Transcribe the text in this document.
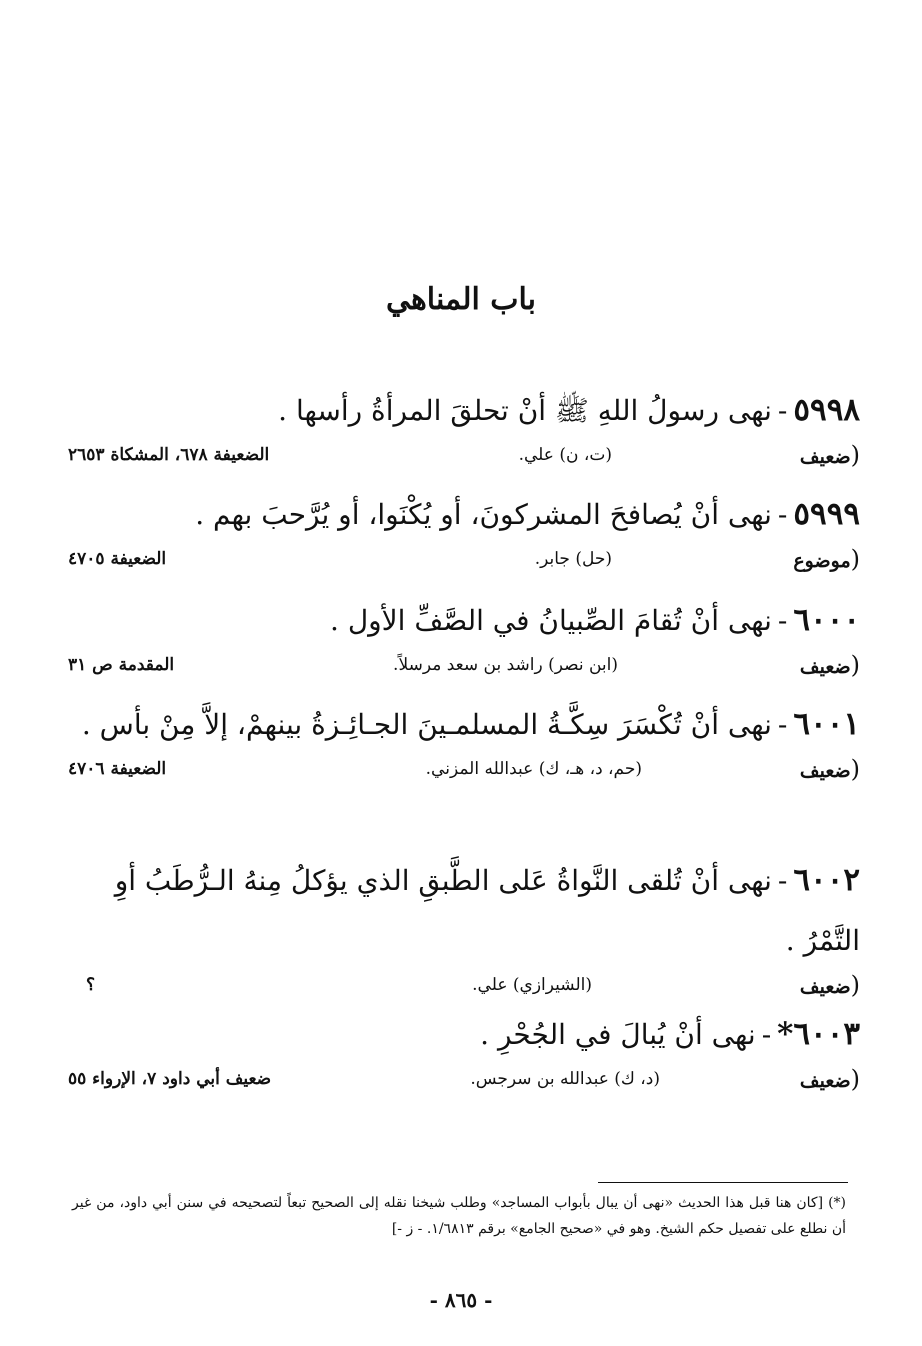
باب المناهي

٥٩٩٨-نهى رسولُ اللهِ ﷺ أنْ تحلقَ المرأةُ رأسها .

( ضعيف
(ت، ن) علي.
الضعيفة ٦٧٨، المشكاة ٢٦٥٣

٥٩٩٩-نهى أنْ يُصافحَ المشركونَ، أو يُكْنَوا، أو يُرَّحبَ بهم .

( موضوع
(حل) جابر.
الضعيفة ٤٧٠٥

٦٠٠٠-نهى أنْ تُقامَ الصِّبيانُ في الصَّفِّ الأول .

( ضعيف
(ابن نصر) راشد بن سعد مرسلاً.
المقدمة ص ٣١

٦٠٠١-نهى أنْ تُكْسَرَ سِكَّـةُ المسلمـينَ الجـائِـزةُ بينهمْ، إلاَّ مِنْ بأس .

( ضعيف
(حم، د، هـ، ك) عبدالله المزني.
الضعيفة ٤٧٠٦

٦٠٠٢-نهى أنْ تُلقى النَّواةُ عَلى الطَّبقِ الذي يؤكلُ مِنهُ الـرُّطَبُ أوِ التَّمْرُ .

( ضعيف
(الشيرازي) علي.
؟

٦٠٠٣*-نهى أنْ يُبالَ في الجُحْرِ .

( ضعيف
(د، ك) عبدالله بن سرجس.
ضعيف أبي داود ٧، الإرواء ٥٥
(*) [كان هنا قبل هذا الحديث «نهى أن يبال بأبواب المساجد» وطلب شيخنا نقله إلى الصحيح تبعاً لتصحيحه في سنن أبي داود، من غير أن نطلع على تفصيل حكم الشيخ. وهو في «صحيح الجامع» برقم ١/٦٨١٣. - ز -]
- ٨٦٥ -
